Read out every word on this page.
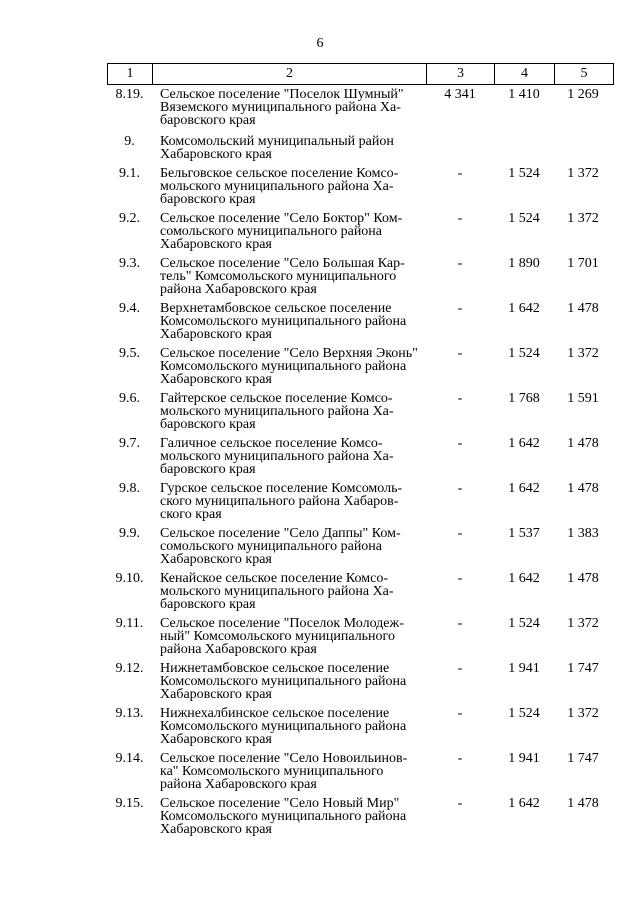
6
1	2	3	4	5
8.19.	Сельское поселение "Поселок Шумный"
Вяземского муниципального района Ха-
баровского края
4 341	1 410	1 269
9.	Комсомольский муниципальный район
Хабаровского края
9.1.	Бельговское сельское поселение Комсо-
мольского муниципального района Ха-
баровского края
-	1 524	1 372
9.2.	Сельское поселение "Село Боктор" Ком-
сомольского муниципального района
Хабаровского края
-	1 524	1 372
9.3.	Сельское поселение "Село Большая Кар-
тель" Комсомольского муниципального
района Хабаровского края
-	1 890	1 701
9.4.	Верхнетамбовское сельское поселение
Комсомольского муниципального района
Хабаровского края
-	1 642	1 478
9.5.	Сельское поселение "Село Верхняя Эконь"
Комсомольского муниципального района
Хабаровского края
-	1 524	1 372
9.6.	Гайтерское сельское поселение Комсо-
мольского муниципального района Ха-
баровского края
-	1 768	1 591
9.7.	Галичное сельское поселение Комсо-
мольского муниципального района Ха-
баровского края
-	1 642	1 478
9.8.	Гурское сельское поселение Комсомоль-
ского муниципального района Хабаров-
ского края
-	1 642	1 478
9.9.	Сельское поселение "Село Даппы" Ком-
сомольского муниципального района
Хабаровского края
-	1 537	1 383
9.10.	Кенайское сельское поселение Комсо-
мольского муниципального района Ха-
баровского края
-	1 642	1 478
9.11.	Сельское поселение "Поселок Молодеж-
ный" Комсомольского муниципального
района Хабаровского края
-	1 524	1 372
9.12.	Нижнетамбовское сельское поселение
Комсомольского муниципального района
Хабаровского края
-	1 941	1 747
9.13.	Нижнехалбинское сельское поселение
Комсомольского муниципального района
Хабаровского края
-	1 524	1 372
9.14.	Сельское поселение "Село Новоильинов-
ка" Комсомольского муниципального
района Хабаровского края
-	1 941	1 747
9.15.	Сельское поселение "Село Новый Мир"
Комсомольского муниципального района
Хабаровского края
-	1 642	1 478
